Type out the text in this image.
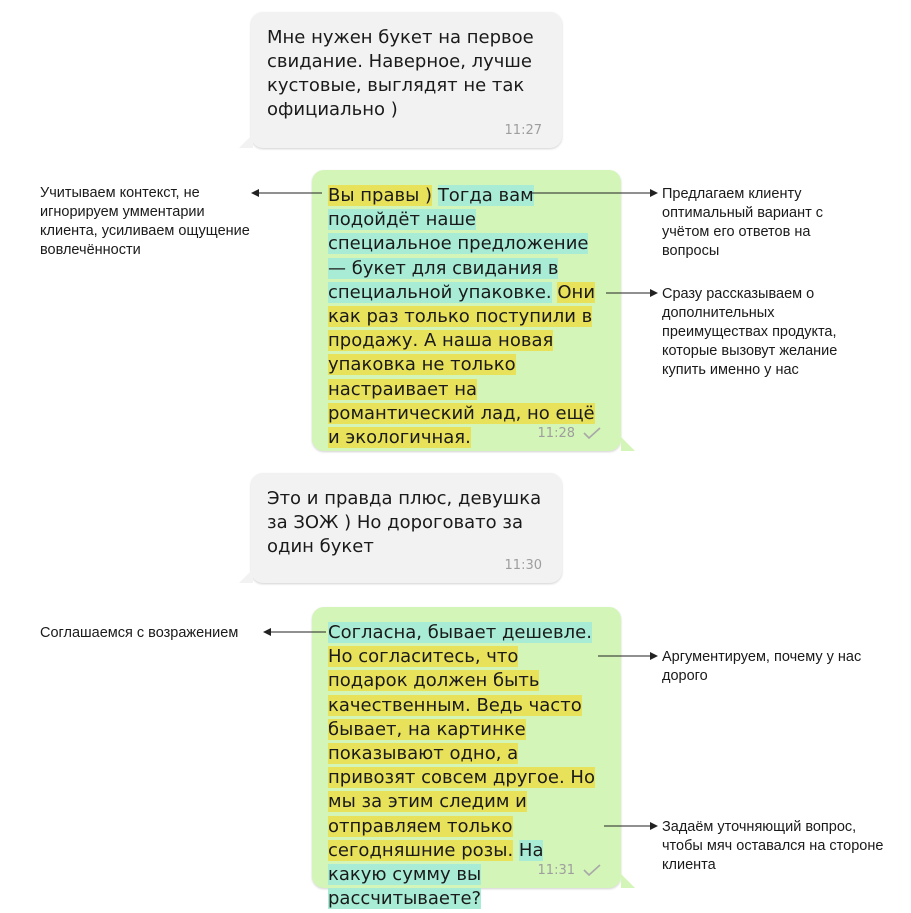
Мне нужен букет на первое свидание. Наверное, лучше кустовые, выглядят не так официально )
11:27
Вы правы ) Тогда вам подойдёт наше специальное предложение — букет для свидания в специальной упаковке. Они как раз только поступили в продажу. А наша новая упаковка не только настраивает на романтический лад, но ещё и экологичная.	11:28
Это и правда плюс, девушка за ЗОЖ ) Но дороговато за один букет
11:30
Согласна, бывает дешевле. Но согласитесь, что подарок должен быть качественным. Ведь часто бывает, на картинке показывают одно, а привозят совсем другое. Но мы за этим следим и отправляем только сегодняшние розы. На какую сумму вы рассчитываете?
11:31
Учитываем контекст, не игнорируем умментарии клиента, усиливаем ощущение вовлечённости
Предлагаем клиенту оптимальный вариант с учётом его ответов на вопросы
Сразу рассказываем о дополнительных преимуществах продукта, которые вызовут желание купить именно у нас
Соглашаемся с возражением
Аргументируем, почему у нас дорого
Задаём уточняющий вопрос, чтобы мяч оставался на стороне клиента
